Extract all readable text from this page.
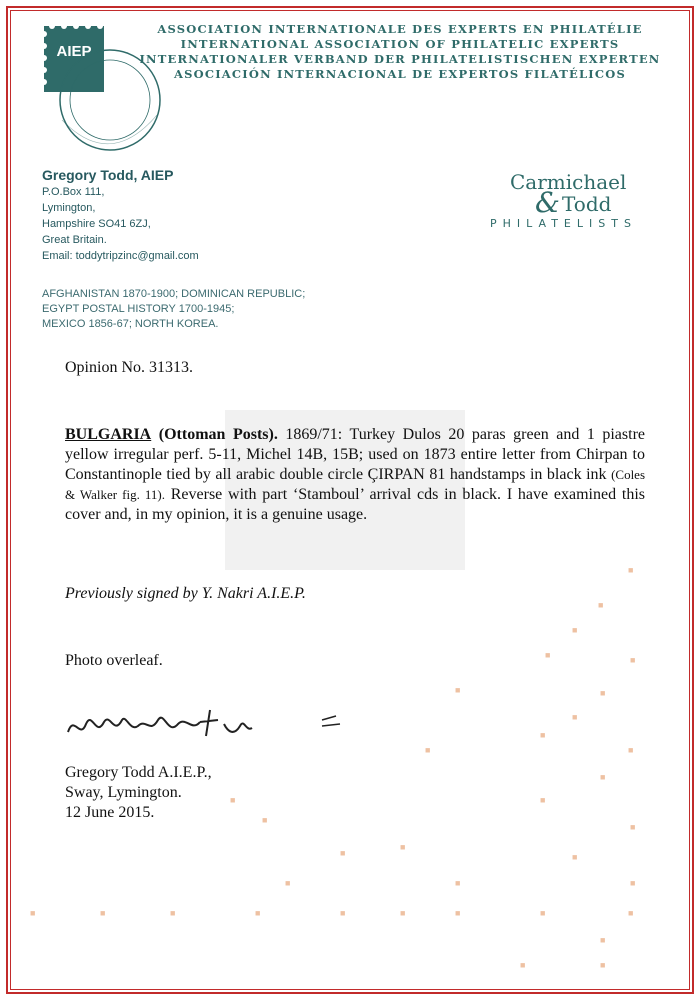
AIEP
ASSOCIATION INTERNATIONALE DES EXPERTS EN PHILATÉLIE
INTERNATIONAL ASSOCIATION OF PHILATELIC EXPERTS
INTERNATIONALER VERBAND DER PHILATELISTISCHEN EXPERTEN
ASOCIACIÓN INTERNACIONAL DE EXPERTOS FILATÉLICOS
Gregory Todd, AIEP
P.O.Box 111,
Lymington,
Hampshire SO41 6ZJ,
Great Britain.
Email: toddytripzinc@gmail.com
AFGHANISTAN 1870-1900; DOMINICAN REPUBLIC;
EGYPT POSTAL HISTORY 1700-1945;
MEXICO 1856-67; NORTH KOREA.
Carmichael
& Todd
PHILATELISTS
Opinion No. 31313.
BULGARIA (Ottoman Posts). 1869/71: Turkey Dulos 20 paras green and 1 piastre yellow irregular perf. 5-11, Michel 14B, 15B; used on 1873 entire letter from Chirpan to Constantinople tied by all arabic double circle ÇIRPAN 81 handstamps in black ink (Coles & Walker fig. 11). Reverse with part ‘Stamboul’ arrival cds in black. I have examined this cover and, in my opinion, it is a genuine usage.
Previously signed by Y. Nakri A.I.E.P.
Photo overleaf.
Gregory Todd A.I.E.P.,
Sway, Lymington.
12 June 2015.
■
■
■
■	■
■	■
■
■
■	■
■
■
■
■
■
■
■	■
■	■	■
■	■	■	■	■	■	■	■	■
■
■	■
